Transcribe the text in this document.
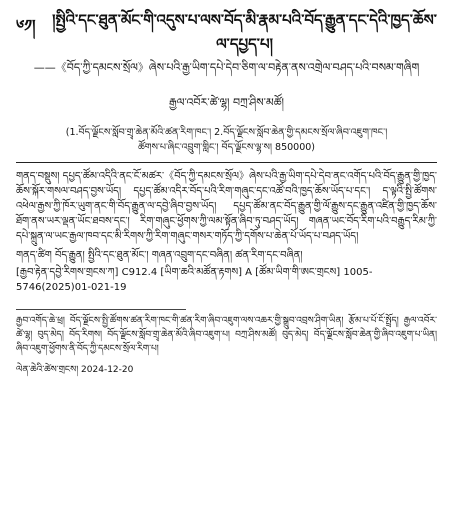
༦༡།	།སྤྱིའི་དང་ཐུན་མོང་གི་འདུས་པ་ལས་བོད་མི་རྣམ་པའི་བོད་རྒྱུན་དང་དེའི་ཁྱད་ཆོས་ལ་དཔྱད་པ།
——《བོད་ཀྱི་དམངས་སྲོལ》ཞེས་པའི་རྒྱ་ཡིག་དཔེ་དེབ་ཅིག་ལ་བརྟེན་ནས་འགྲེལ་བཤད་པའི་བསམ་གཞིག
རྒྱལ་འབོར་ཚེ་ལྷ། བཀྲ་ཤིས་མཚོ།
(1.བོད་ལྗོངས་སློབ་གྲྭ་ཆེན་མོའི་ཚན་རིག་ཁང་། 2.བོད་ལྗོངས་སློབ་ཆེན་གྱི་དམངས་སྲོལ་ཞིབ་འཇུག་ཁང་།
ཚོགས་པ་ཞིང་འབྲུག་གླིང་། བོད་ལྗོངས་ལྷ་ས། 850000)
གནད་བསྡུས། དཔྱད་ཚོམ་འདིའི་ནང་ངོ་མཚར་《བོད་ཀྱི་དམངས་སྲོལ》ཞེས་པའི་རྒྱ་ཡིག་དཔེ་དེབ་ནང་འགོད་པའི་བོད་རྒྱུན་གྱི་ཁྱད་ཆོས་སྐོར་གསལ་བཤད་བྱས་ཡོད། དཔྱད་ཚོམ་འདིར་བོད་པའི་རིག་གཞུང་དང་འཚོ་བའི་ཁྱད་ཆོས་ཡོད་པ་དང་། ད་ལྟའི་སྤྱི་ཚོགས་འཕེལ་རྒྱས་ཀྱི་ཁོར་ཡུག་ནང་གི་བོད་རྒྱུན་ལ་དབྱེ་ཞིབ་བྱས་ཡོད། དཔྱད་ཚོམ་ནང་བོད་རྒྱུན་གྱི་ལོ་རྒྱུས་དང་རྒྱུན་འཛིན་གྱི་ཁྱད་ཆོས་ཐོག་ནས་ཡར་ལྡན་ཡོང་ཐབས་དང་། རིག་གཞུང་ཕྱོགས་ཀྱི་ལམ་སྟོན་ཞིབ་ཏུ་བཤད་ཡོད། གཞན་ཡང་བོད་རིག་པའི་བརྒྱུད་རིམ་ཀྱི་དཔེ་སྐྲུན་ལ་ཡང་རྒྱལ་ཁབ་དང་མི་རིགས་ཀྱི་རིག་གཞུང་གསར་གཏོད་ཀྱི་དགོས་པ་ཆེན་པོ་ཡོད་པ་བཤད་ཡོད།
གནད་ཚིག བོད་རྒྱུན། སྤྱིའི་དང་ཐུན་མོང་། གཞན་འབྲུག་དང་བཞིན། ཚན་རིག་དང་བཞིན།
[རྒྱབ་རྟེན་དབྱེ་རིགས་གྲངས་ཀ] C912.4 [ཡིག་ཆའི་མཚོན་རྟགས] A [ཚོམ་ཡིག་གི་ཨང་གྲངས] 1005-5746(2025)01-021-19
རྒྱབ་འགོད་ཆེ་ཕྲ། བོད་ལྗོངས་སྤྱི་ཚོགས་ཚན་རིག་ཁང་གི་ཚན་རིག་ཞིབ་འཇུག་ལས་འཆར་གྱི་སྒྲུབ་འབྲས་ཤིག་ཡིན། རྩོམ་པ་པོ་ངོ་སྤྲོད། རྒྱལ་འབོར་ཚེ་ལྷ། བུད་མེད། བོད་རིགས། བོད་ལྗོངས་སློབ་གྲྭ་ཆེན་མོའི་ཞིབ་འཇུག་པ། བཀྲ་ཤིས་མཚོ། བུད་མེད། བོད་ལྗོངས་སློབ་ཆེན་གྱི་ཞིབ་འཇུག་པ་ཡིན། ཞིབ་འཇུག་ཕྱོགས་ནི་བོད་ཀྱི་དམངས་སྲོལ་རིག་པ།
ལེན་ཆེའི་ཚེས་གྲངས། 2024-12-20
